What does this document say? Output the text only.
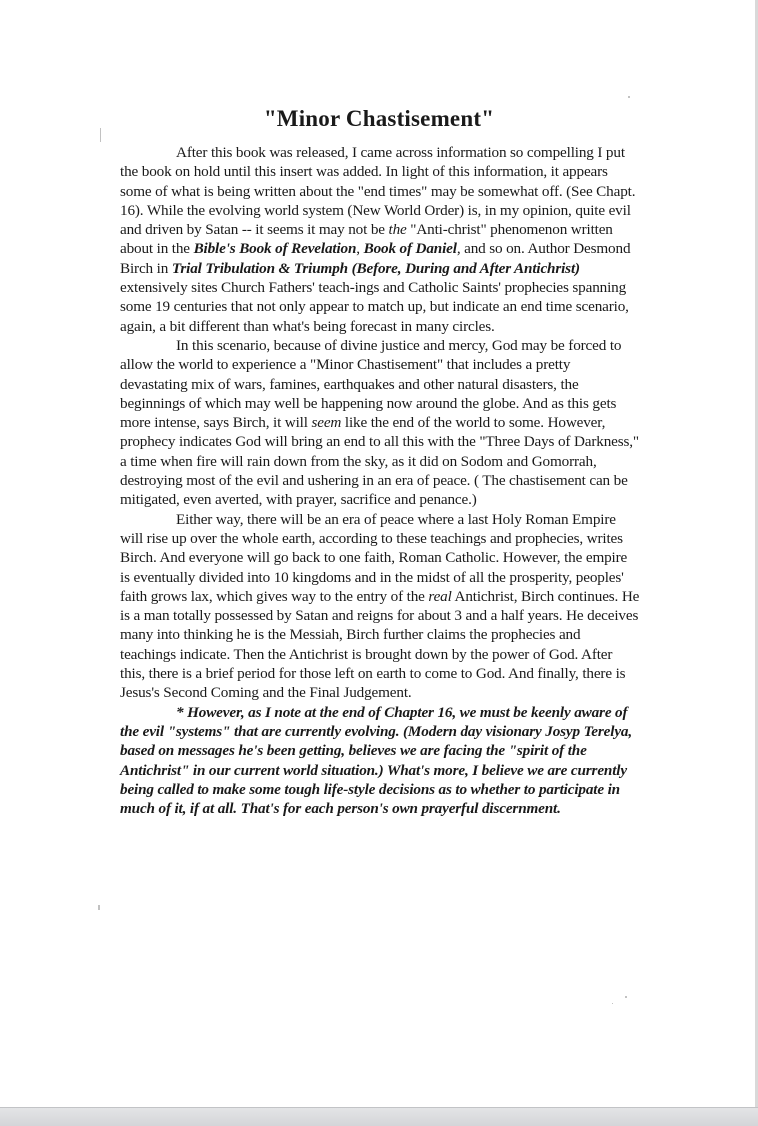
"Minor Chastisement"

After this book was released, I came across information so compelling I put the book on hold until this insert was added. In light of this information, it appears some of what is being written about the "end times" may be somewhat off. (See Chapt. 16). While the evolving world system (New World Order) is, in my opinion, quite evil and driven by Satan -- it seems it may not be the "Anti-christ" phenomenon written about in the Bible's Book of Revelation, Book of Daniel, and so on. Author Desmond Birch in Trial Tribulation & Triumph (Before, During and After Antichrist) extensively sites Church Fathers' teach-ings and Catholic Saints' prophecies spanning some 19 centuries that not only appear to match up, but indicate an end time scenario, again, a bit different than what's being forecast in many circles.

In this scenario, because of divine justice and mercy, God may be forced to allow the world to experience a "Minor Chastisement" that includes a pretty devastating mix of wars, famines, earthquakes and other natural disasters, the beginnings of which may well be happening now around the globe. And as this gets more intense, says Birch, it will seem like the end of the world to some. However, prophecy indicates God will bring an end to all this with the "Three Days of Darkness," a time when fire will rain down from the sky, as it did on Sodom and Gomorrah, destroying most of the evil and ushering in an era of peace. ( The chastisement can be mitigated, even averted, with prayer, sacrifice and penance.)

Either way, there will be an era of peace where a last Holy Roman Empire will rise up over the whole earth, according to these teachings and prophecies, writes Birch. And everyone will go back to one faith, Roman Catholic. However, the empire is eventually divided into 10 kingdoms and in the midst of all the prosperity, peoples' faith grows lax, which gives way to the entry of the real Antichrist, Birch continues. He is a man totally possessed by Satan and reigns for about 3 and a half years. He deceives many into thinking he is the Messiah, Birch further claims the prophecies and teachings indicate. Then the Antichrist is brought down by the power of God. After this, there is a brief period for those left on earth to come to God. And finally, there is Jesus's Second Coming and the Final Judgement.

* However, as I note at the end of Chapter 16, we must be keenly aware of the evil "systems" that are currently evolving. (Modern day visionary Josyp Terelya, based on messages he's been getting, believes we are facing the "spirit of the Antichrist" in our current world situation.) What's more, I believe we are currently being called to make some tough life-style decisions as to whether to participate in much of it, if at all. That's for each person's own prayerful discernment.
